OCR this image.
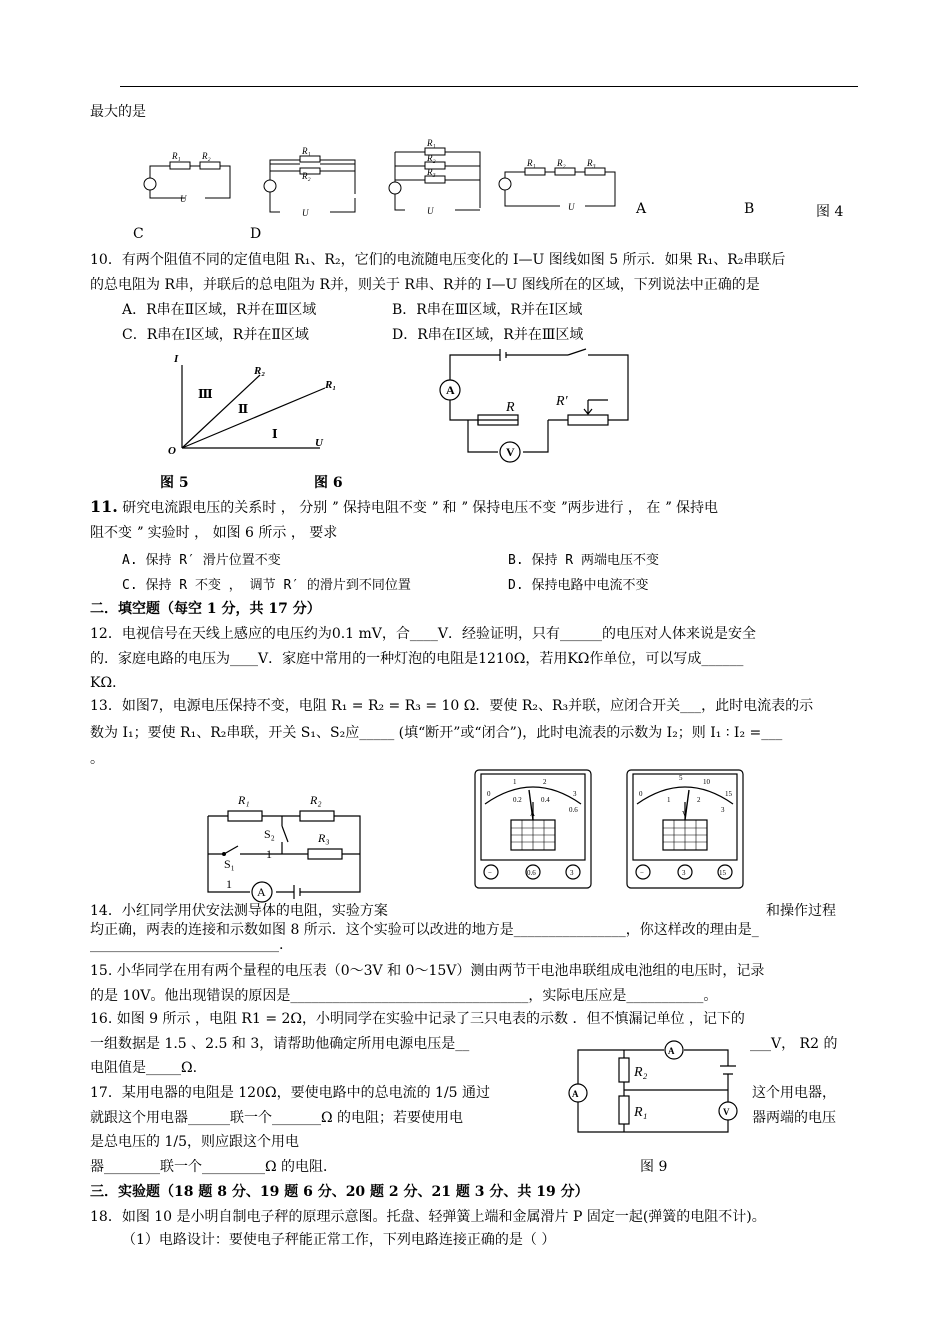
最大的是
R₁ R₂
U
R₁
R₂
U
R₁
R₂
R₃
U
R₁ R₂ R₃
U
C	D
A	B	图 4
10．有两个阻值不同的定值电阻 R₁、R₂，它们的电流随电压变化的 I—U 图线如图 5 所示．如果 R₁、R₂串联后
的总电阻为 R串，并联后的总电阻为 R并，则关于 R串、R并的 I—U 图线所在的区域，下列说法中正确的是
A．R串在Ⅱ区域，R并在Ⅲ区域	B．R串在Ⅲ区域，R并在Ⅰ区域
C．R串在Ⅰ区域，R并在Ⅱ区域	D．R串在Ⅰ区域，R并在Ⅲ区域
I
O
U
R₂
R₁
Ⅲ
Ⅱ
Ⅰ
A
V
R	R′
图 5	图 6
11. 研究电流跟电压的关系时 ， 分别 ˮ 保持电阻不变 ˮ 和 ˮ 保持电压不变 ˮ两步进行 ， 在 ˮ 保持电
阻不变 ˮ 实验时 ， 如图 6 所示 ， 要求
A. 保持 R′ 滑片位置不变	B. 保持 R 两端电压不变
C. 保持 R 不变 ， 调节 R′ 的滑片到不同位置	D. 保持电路中电流不变
二．填空题（每空 1 分，共 17 分）
12．电视信号在天线上感应的电压约为0.1 mV，合____V．经验证明，只有______的电压对人体来说是安全
的．家庭电路的电压为____V．家庭中常用的一种灯泡的电阻是1210Ω，若用KΩ作单位，可以写成______
KΩ．
13．如图7，电源电压保持不变，电阻 R₁ = R₂ = R₃ = 10 Ω．要使 R₂、R₃并联，应闭合开关___，此时电流表的示
数为 I₁；要使 R₁、R₂串联，开关 S₁、S₂应_____ (填“断开”或“闭合”)，此时电流表的示数为 I₂；则 I₁ ∶ I₂ =___
。
R₁	R₂
R₃
S₂
1
S₁
1
A
0
1	2
3
0.2	0.4
0.6
A
−	0.6	3
0
5	10
15
1	2
3
V
−	3	15
14．小红同学用伏安法测导体的电阻，实验方案	和操作过程
均正确，两表的连接和示数如图 8 所示．这个实验可以改进的地方是________________，你这样改的理由是_
___________________________.
15. 小华同学在用有两个量程的电压表（0～3V 和 0～15V）测由两节干电池串联组成电池组的电压时，记录
的是 10V。他出现错误的原因是__________________________________，实际电压应是___________。
16. 如图 9 所示 ，电阻 R1 = 2Ω，小明同学在实验中记录了三只电表的示数 ．但不慎漏记单位 ，记下的
一组数据是 1.5 、2.5 和 3，请帮助他确定所用电源电压是__	___V， R2 的
电阻值是_____Ω.
17．某用电器的电阻是 120Ω，要使电路中的总电流的 1/5 通过	这个用电器，
就跟这个用电器______联一个_______Ω 的电阻；若要使用电	器两端的电压
是总电压的 1/5，则应跟这个用电
器________联一个_________Ω 的电阻．
A
A
V
R₂
R₁
图 9
三．实验题（18 题 8 分、19 题 6 分、20 题 2 分、21 题 3 分、共 19 分）
18．如图 10 是小明自制电子秤的原理示意图。托盘、轻弹簧上端和金属滑片 P 固定一起(弹簧的电阻不计)。
（1）电路设计：要使电子秤能正常工作，下列电路连接正确的是（ ）
